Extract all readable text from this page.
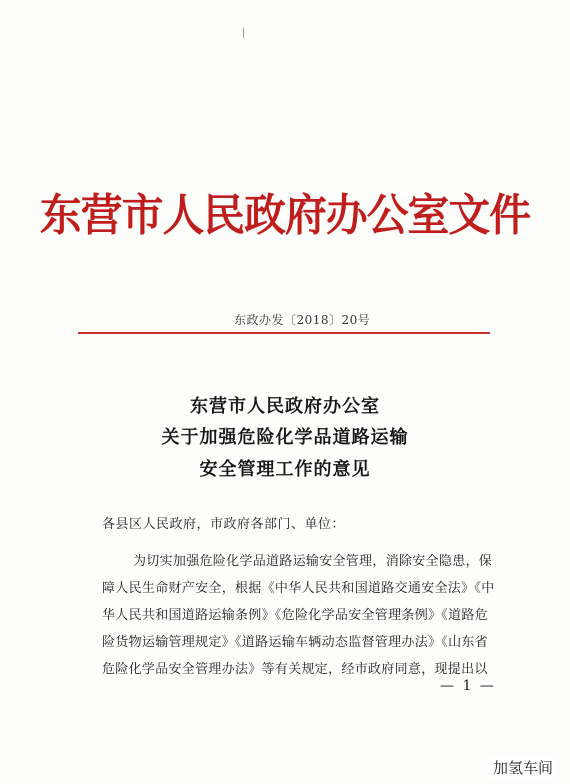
东营市人民政府办公室文件
东政办发〔2018〕20号
东营市人民政府办公室
关于加强危险化学品道路运输
安全管理工作的意见
各县区人民政府，市政府各部门、单位：
为切实加强危险化学品道路运输安全管理，消除安全隐患，保
障人民生命财产安全，根据《中华人民共和国道路交通安全法》《中
华人民共和国道路运输条例》《危险化学品安全管理条例》《道路危
险货物运输管理规定》《道路运输车辆动态监督管理办法》《山东省
危险化学品安全管理办法》等有关规定，经市政府同意，现提出以
— 1 —
加氢车间
